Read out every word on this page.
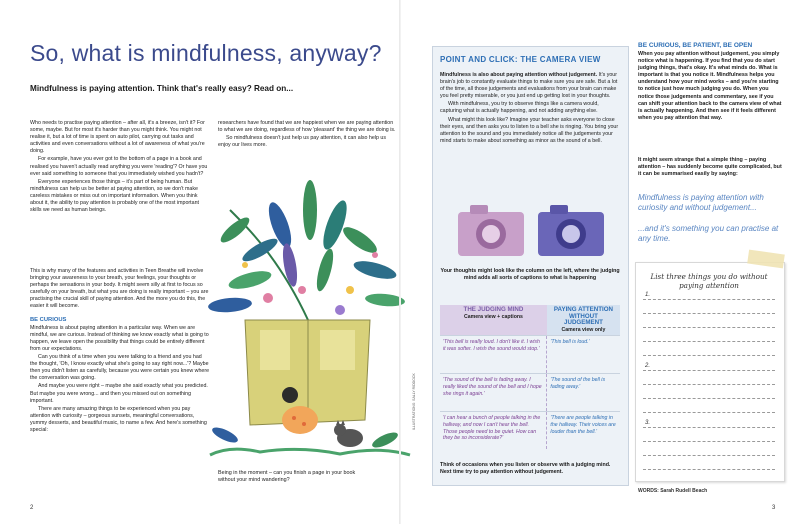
So, what is mindfulness, anyway?
Mindfulness is paying attention. Think that's really easy? Read on...

Who needs to practise paying attention – after all, it's a breeze, isn't it? For some, maybe. But for most it's harder than you might think. You might not realise it, but a lot of time is spent on auto pilot, carrying out tasks and activities and even conversations without a lot of awareness of what you're doing.

For example, have you ever got to the bottom of a page in a book and realised you haven't actually read anything you were 'reading'? Or have you ever said something to someone that you immediately wished you hadn't?

Everyone experiences those things – it's part of being human. But mindfulness can help us be better at paying attention, so we don't make careless mistakes or miss out on important information. When you think about it, the ability to pay attention is probably one of the most important skills we need as human beings.

researchers have found that we are happiest when we are paying attention to what we are doing, regardless of how 'pleasant' the thing we are doing is.

So mindfulness doesn't just help us pay attention, it can also help us enjoy our lives more.

This is why many of the features and activities in Teen Breathe will involve bringing your awareness to your breath, your feelings, your thoughts or perhaps the sensations in your body. It might seem silly at first to focus so carefully on your breath, but what you are doing is really important – you are practising the crucial skill of paying attention. And the more you do this, the easier it will become.

BE CURIOUS

Mindfulness is about paying attention in a particular way. When we are mindful, we are curious. Instead of thinking we know exactly what is going to happen, we leave open the possibility that things could be entirely different from our expectations.

Can you think of a time when you were talking to a friend and you had the thought, 'Oh, I know exactly what she's going to say right now...'? Maybe then you didn't listen as carefully, because you were certain you knew where the conversation was going.

And maybe you were right – maybe she said exactly what you predicted. But maybe you were wrong... and then you missed out on something important.

There are many amazing things to be experienced when you pay attention with curiosity – gorgeous sunsets, meaningful conversations, yummy desserts, and beautiful music, to name a few. And here's something special:

Being in the moment – can you finish a page in your book without your mind wandering?
ILLUSTRATIONS: SALLY RIDDOCK
2
POINT AND CLICK: THE CAMERA VIEW

Mindfulness is also about paying attention without judgement. It's your brain's job to constantly evaluate things to make sure you are safe. But a lot of the time, all those judgements and evaluations from your brain can make you feel pretty miserable, or you just end up getting lost in your thoughts.

With mindfulness, you try to observe things like a camera would, capturing what is actually happening, and not adding anything else.

What might this look like? Imagine your teacher asks everyone to close their eyes, and then asks you to listen to a bell she is ringing. You bring your attention to the sound and you immediately notice all the judgements your mind starts to make about something as minor as the sound of a bell.

Your thoughts might look like the column on the left, where the judging mind adds all sorts of captions to what is happening
THE JUDGING MIND
Camera view + captions	PAYING ATTENTION WITHOUT JUDGEMENT
Camera view only

'This bell is really loud. I don't like it. I wish it was softer. I wish the sound would stop.'	'This bell is loud.'
'The sound of the bell is fading away. I really liked the sound of the bell and I hope she rings it again.'	'The sound of the bell is fading away.'
'I can hear a bunch of people talking in the hallway, and now I can't hear the bell. Those people need to be quiet. How can they be so inconsiderate?'	'There are people talking in the hallway. Their voices are louder than the bell.'
Think of occasions when you listen or observe with a judging mind. Next time try to pay attention without judgement.
BE CURIOUS, BE PATIENT, BE OPEN
When you pay attention without judgement, you simply notice what is happening. If you find that you do start judging things, that's okay. It's what minds do. What is important is that you notice it. Mindfulness helps you understand how your mind works – and you're starting to notice just how much judging you do. When you notice those judgements and commentary, see if you can shift your attention back to the camera view of what is actually happening. And then see if it feels different when you pay attention that way.
It might seem strange that a simple thing – paying attention – has suddenly become quite complicated, but it can be summarised easily by saying:
Mindfulness is paying attention with curiosity and without judgement...
...and it's something you can practise at any time.
List three things you do without paying attention
1.
2.
3.
WORDS: Sarah Rudell Beach
3
